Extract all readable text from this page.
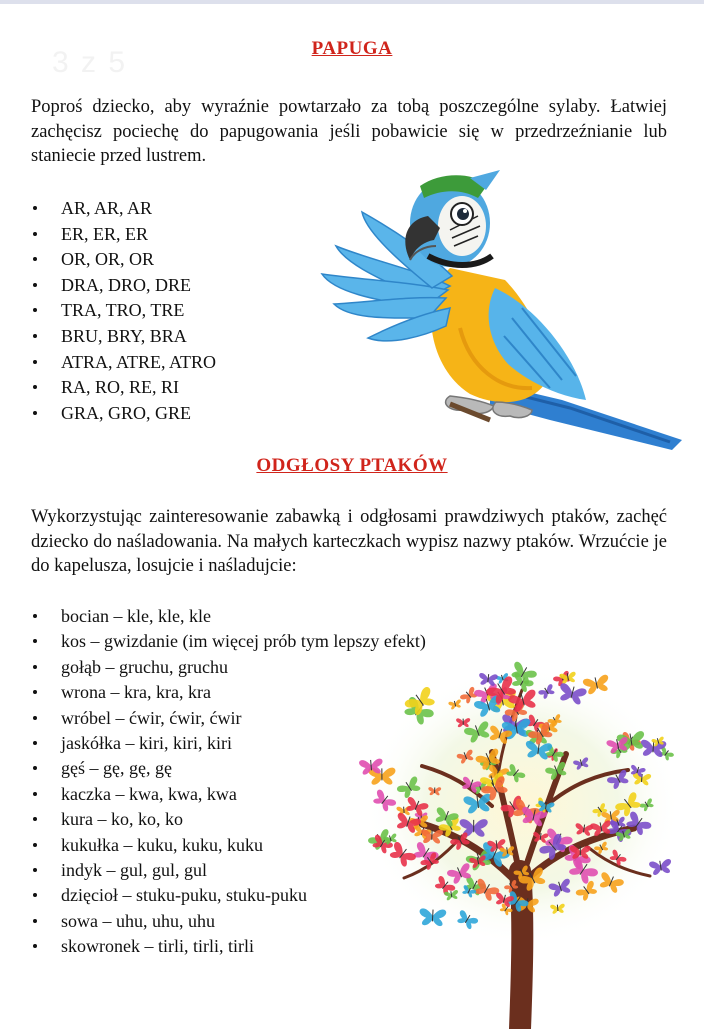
3 z 5	PAPUGA
Poproś dziecko, aby wyraźnie powtarzało za tobą poszczególne sylaby. Łatwiej zachęcisz pociechę do papugowania jeśli pobawicie się w przedrzeźnianie lub staniecie przed lustrem.
AR, AR, AR
ER, ER, ER
OR, OR, OR
DRA, DRO, DRE
TRA, TRO, TRE
BRU, BRY, BRA
ATRA, ATRE, ATRO
RA, RO, RE, RI
GRA, GRO, GRE
ODGŁOSY PTAKÓW
Wykorzystując zainteresowanie zabawką i odgłosami prawdziwych ptaków, zachęć dziecko do naśladowania. Na małych karteczkach wypisz nazwy ptaków. Wrzućcie je do kapelusza, losujcie i naśladujcie:
bocian – kle, kle, kle
kos – gwizdanie (im więcej prób tym lepszy efekt)
gołąb – gruchu, gruchu
wrona – kra, kra, kra
wróbel – ćwir, ćwir, ćwir
jaskółka – kiri, kiri, kiri
gęś – gę, gę, gę
kaczka – kwa, kwa, kwa
kura – ko, ko, ko
kukułka – kuku, kuku, kuku
indyk – gul, gul, gul
dzięcioł – stuku-puku, stuku-puku
sowa – uhu, uhu, uhu
skowronek – tirli, tirli, tirli
